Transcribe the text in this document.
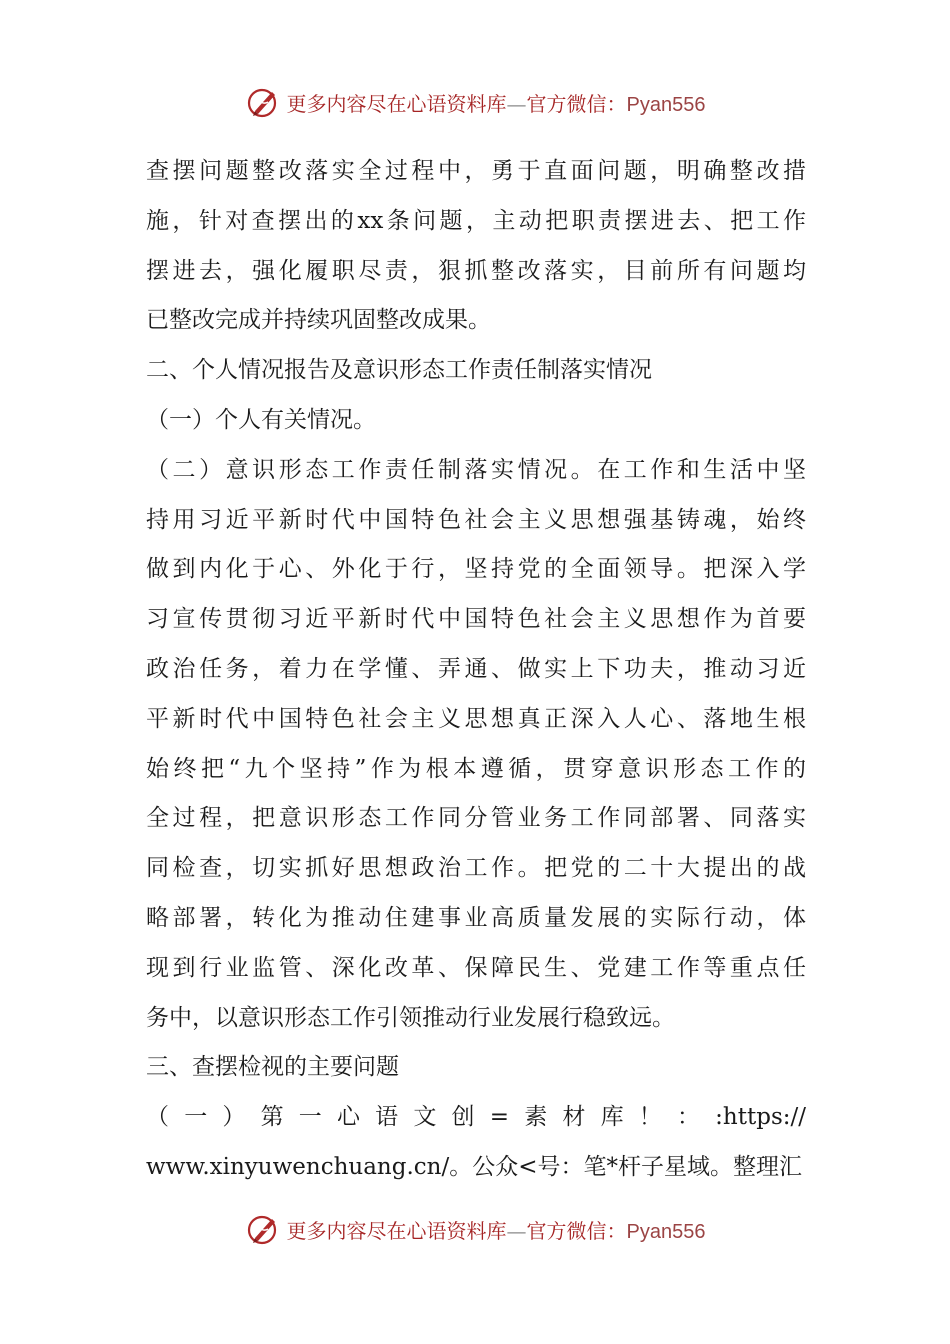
更多内容尽在心语资料库—官方微信：Pyan556
查摆问题整改落实全过程中，勇于直面问题，明确整改措
施，针对查摆出的xx条问题，主动把职责摆进去、把工作
摆进去，强化履职尽责，狠抓整改落实，目前所有问题均
已整改完成并持续巩固整改成果。
二、个人情况报告及意识形态工作责任制落实情况
（一）个人有关情况。
（二）意识形态工作责任制落实情况。在工作和生活中坚
持用习近平新时代中国特色社会主义思想强基铸魂，始终
做到内化于心、外化于行，坚持党的全面领导。把深入学
习宣传贯彻习近平新时代中国特色社会主义思想作为首要
政治任务，着力在学懂、弄通、做实上下功夫，推动习近
平新时代中国特色社会主义思想真正深入人心、落地生根
始终把“九个坚持”作为根本遵循，贯穿意识形态工作的
全过程，把意识形态工作同分管业务工作同部署、同落实
同检查，切实抓好思想政治工作。把党的二十大提出的战
略部署，转化为推动住建事业高质量发展的实际行动，体
现到行业监管、深化改革、保障民生、党建工作等重点任
务中，以意识形态工作引领推动行业发展行稳致远。
三、查摆检视的主要问题
（一）第一心语文创=素材库！：:https://
www.xinyuwenchuang.cn/。公众<号：笔*杆子星域。整理汇
更多内容尽在心语资料库—官方微信：Pyan556
